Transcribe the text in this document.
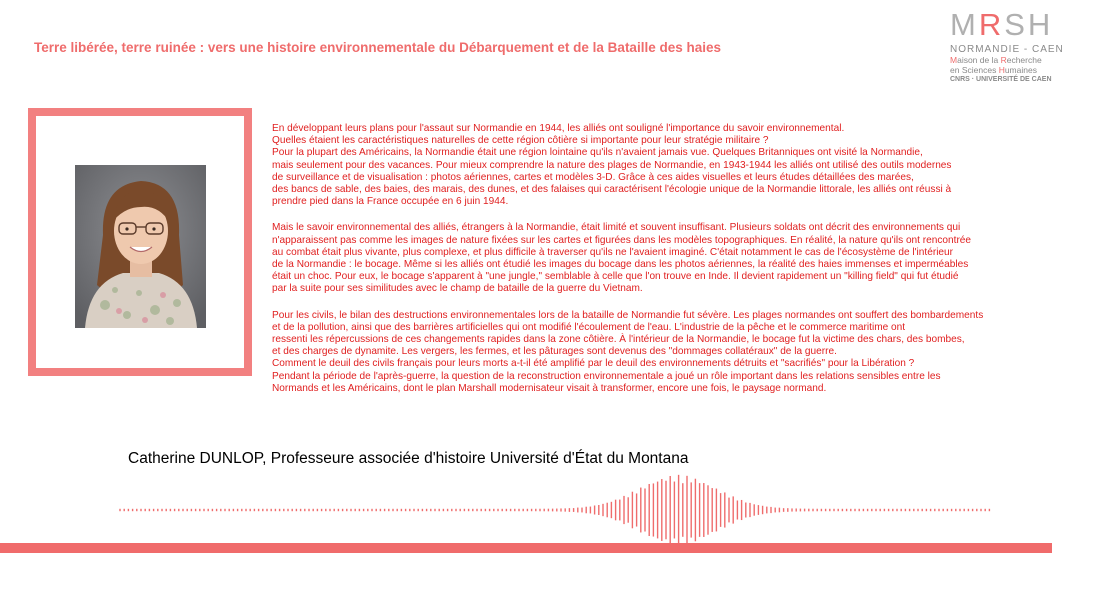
Terre libérée, terre ruinée : vers une histoire environnementale du Débarquement et de la Bataille des haies
MRSH
NORMANDIE - CAEN
Maison de la Recherche
en Sciences Humaines
CNRS · UNIVERSITÉ DE CAEN

En développant leurs plans pour l'assaut sur Normandie en 1944, les alliés ont souligné l'importance du savoir environnemental.
Quelles étaient les caractéristiques naturelles de cette région côtière si importante pour leur stratégie militaire ?
Pour la plupart des Américains, la Normandie était une région lointaine qu'ils n'avaient jamais vue. Quelques Britanniques ont visité la Normandie,
mais seulement pour des vacances. Pour mieux comprendre la nature des plages de Normandie, en 1943-1944 les alliés ont utilisé des outils modernes
de surveillance et de visualisation : photos aériennes, cartes et modèles 3-D. Grâce à ces aides visuelles et leurs études détaillées des marées,
des bancs de sable, des baies, des marais, des dunes, et des falaises qui caractérisent l'écologie unique de la Normandie littorale, les alliés ont réussi à
prendre pied dans la France occupée en 6 juin 1944.

Mais le savoir environnemental des alliés, étrangers à la Normandie, était limité et souvent insuffisant. Plusieurs soldats ont décrit des environnements qui
n'apparaissent pas comme les images de nature fixées sur les cartes et figurées dans les modèles topographiques. En réalité, la nature qu'ils ont rencontrée
au combat était plus vivante, plus complexe, et plus difficile à traverser qu'ils ne l'avaient imaginé. C'était notamment le cas de l'écosystème de l'intérieur
de la Normandie : le bocage. Même si les alliés ont étudié les images du bocage dans les photos aériennes, la réalité des haies immenses et imperméables
était un choc. Pour eux, le bocage s'apparent à "une jungle," semblable à celle que l'on trouve en Inde. Il devient rapidement un "killing field" qui fut étudié
par la suite pour ses similitudes avec le champ de bataille de la guerre du Vietnam.

Pour les civils, le bilan des destructions environnementales lors de la bataille de Normandie fut sévère. Les plages normandes ont souffert des bombardements
et de la pollution, ainsi que des barrières artificielles qui ont modifié l'écoulement de l'eau. L'industrie de la pêche et le commerce maritime ont
ressenti les répercussions de ces changements rapides dans la zone côtière. À l'intérieur de la Normandie, le bocage fut la victime des chars, des bombes,
et des charges de dynamite. Les vergers, les fermes, et les pâturages sont devenus des "dommages collatéraux" de la guerre.
Comment le deuil des civils français pour leurs morts a-t-il été amplifié par le deuil des environnements détruits et "sacrifiés" pour la Libération ?
Pendant la période de l'après-guerre, la question de la reconstruction environnementale a joué un rôle important dans les relations sensibles entre les
Normands et les Américains, dont le plan Marshall modernisateur visait à transformer, encore une fois, le paysage normand.

Catherine DUNLOP, Professeure associée d'histoire Université d'État du Montana
